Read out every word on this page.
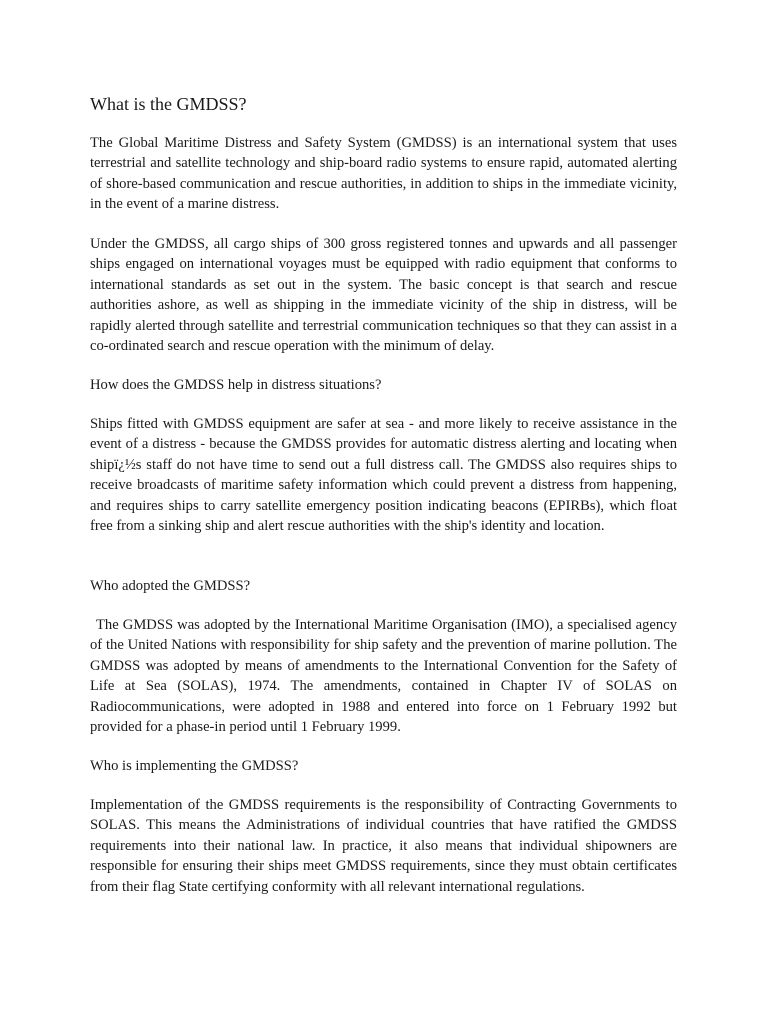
What is the GMDSS?

The Global Maritime Distress and Safety System (GMDSS) is an international system that uses terrestrial and satellite technology and ship-board radio systems to ensure rapid, automated alerting of shore-based communication and rescue authorities, in addition to ships in the immediate vicinity, in the event of a marine distress.

Under the GMDSS, all cargo ships of 300 gross registered tonnes and upwards and all passenger ships engaged on international voyages must be equipped with radio equipment that conforms to international standards as set out in the system. The basic concept is that search and rescue authorities ashore, as well as shipping in the immediate vicinity of the ship in distress, will be rapidly alerted through satellite and terrestrial communication techniques so that they can assist in a co-ordinated search and rescue operation with the minimum of delay.

How does the GMDSS help in distress situations?

Ships fitted with GMDSS equipment are safer at sea - and more likely to receive assistance in the event of a distress - because the GMDSS provides for automatic distress alerting and locating when shipï¿½s staff do not have time to send out a full distress call. The GMDSS also requires ships to receive broadcasts of maritime safety information which could prevent a distress from happening, and requires ships to carry satellite emergency position indicating beacons (EPIRBs), which float free from a sinking ship and alert rescue authorities with the ship's identity and location.

Who adopted the GMDSS?

The GMDSS was adopted by the International Maritime Organisation (IMO), a specialised agency of the United Nations with responsibility for ship safety and the prevention of marine pollution. The GMDSS was adopted by means of amendments to the International Convention for the Safety of Life at Sea (SOLAS), 1974. The amendments, contained in Chapter IV of SOLAS on Radiocommunications, were adopted in 1988 and entered into force on 1 February 1992 but provided for a phase-in period until 1 February 1999.

Who is implementing the GMDSS?

Implementation of the GMDSS requirements is the responsibility of Contracting Governments to SOLAS. This means the Administrations of individual countries that have ratified the GMDSS requirements into their national law. In practice, it also means that individual shipowners are responsible for ensuring their ships meet GMDSS requirements, since they must obtain certificates from their flag State certifying conformity with all relevant international regulations.
